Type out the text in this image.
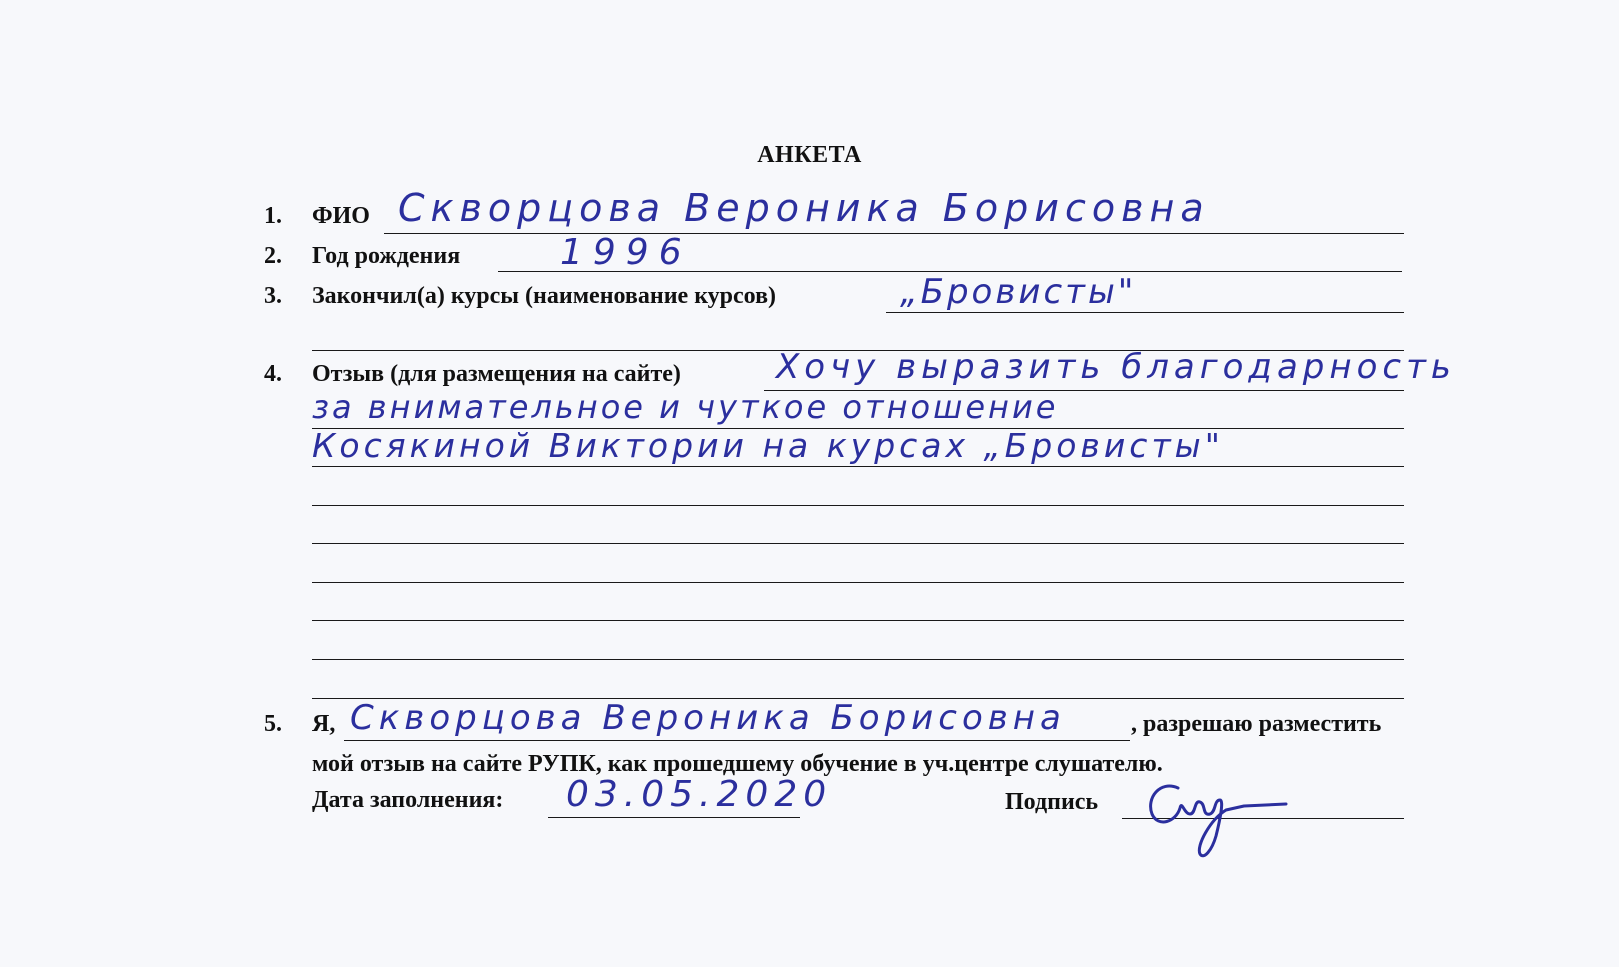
АНКЕТА
1. ФИО Скворцова Вероника Борисовна
2. Год рождения	1996
3. Закончил(а) курсы (наименование курсов)	„Бровисты"
4. Отзыв (для размещения на сайте)	Хочу выразить благодарность
за внимательное и чуткое отношение
Косякиной Виктории на курсах „Бровисты"
5. Я, Скворцова Вероника Борисовна	, разрешаю разместить
мой отзыв на сайте РУПК, как прошедшему обучение в уч.центре слушателю.
Дата заполнения: 03.05.2020	Подпись
